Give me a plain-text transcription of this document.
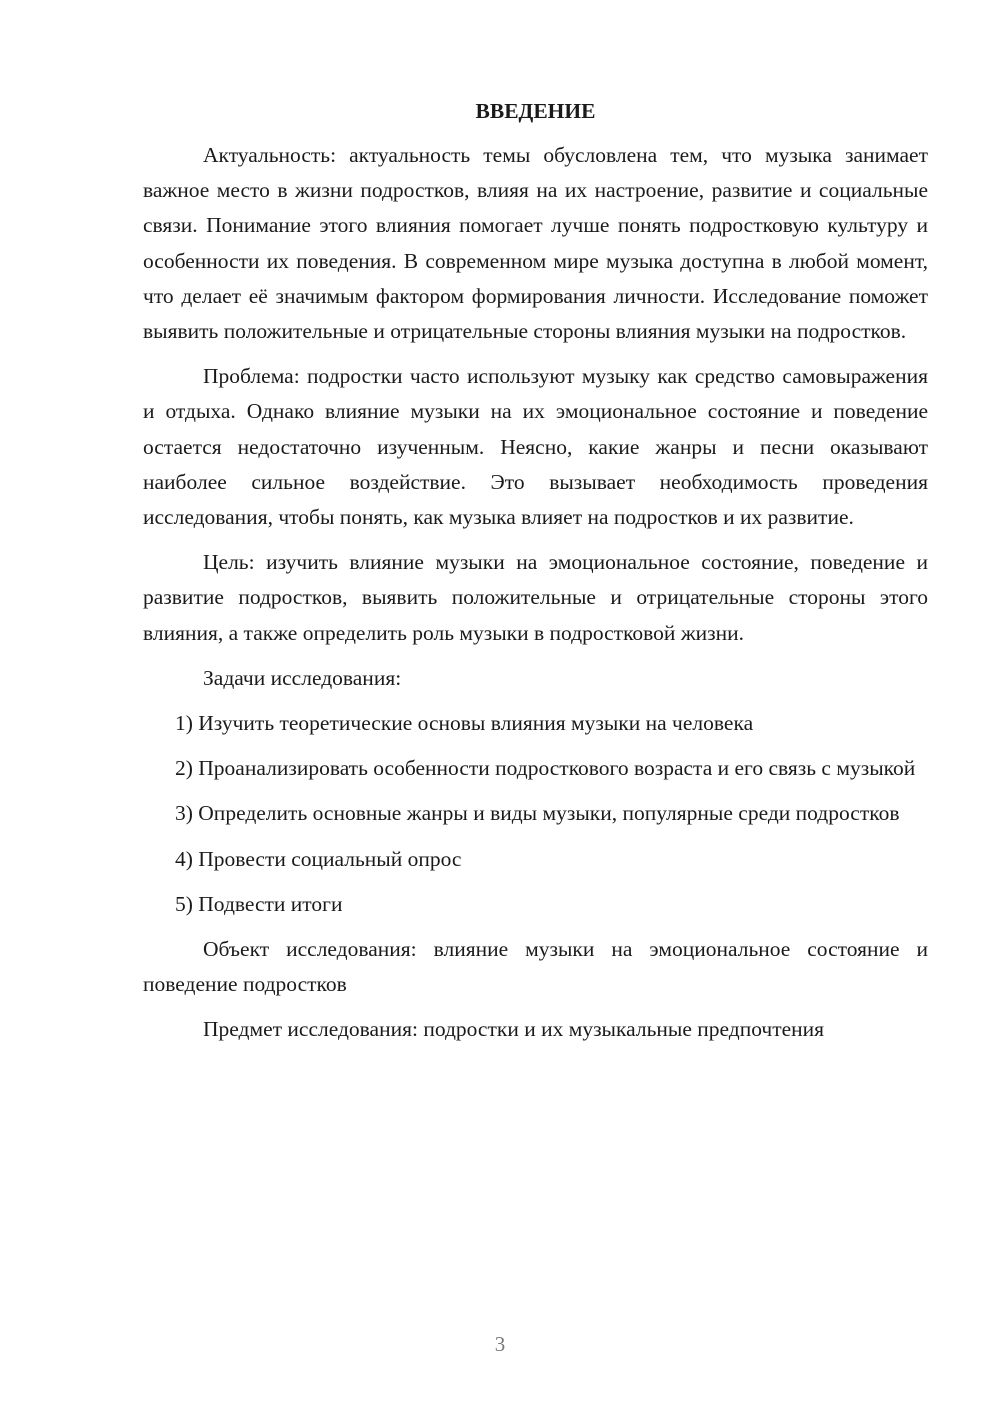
ВВЕДЕНИЕ

Актуальность: актуальность темы обусловлена тем, что музыка занимает важное место в жизни подростков, влияя на их настроение, развитие и социальные связи. Понимание этого влияния помогает лучше понять подростковую культуру и особенности их поведения. В современном мире музыка доступна в любой момент, что делает её значимым фактором формирования личности. Исследование поможет выявить положительные и отрицательные стороны влияния музыки на подростков.

Проблема: подростки часто используют музыку как средство самовыражения и отдыха. Однако влияние музыки на их эмоциональное состояние и поведение остается недостаточно изученным. Неясно, какие жанры и песни оказывают наиболее сильное воздействие. Это вызывает необходимость проведения исследования, чтобы понять, как музыка влияет на подростков и их развитие.

Цель: изучить влияние музыки на эмоциональное состояние, поведение и развитие подростков, выявить положительные и отрицательные стороны этого влияния, а также определить роль музыки в подростковой жизни.

Задачи исследования:

1) Изучить теоретические основы влияния музыки на человека

2) Проанализировать особенности подросткового возраста и его связь с музыкой

3) Определить основные жанры и виды музыки, популярные среди подростков

4) Провести социальный опрос

5) Подвести итоги

Объект исследования: влияние музыки на эмоциональное состояние и поведение подростков

Предмет исследования: подростки и их музыкальные предпочтения

3
